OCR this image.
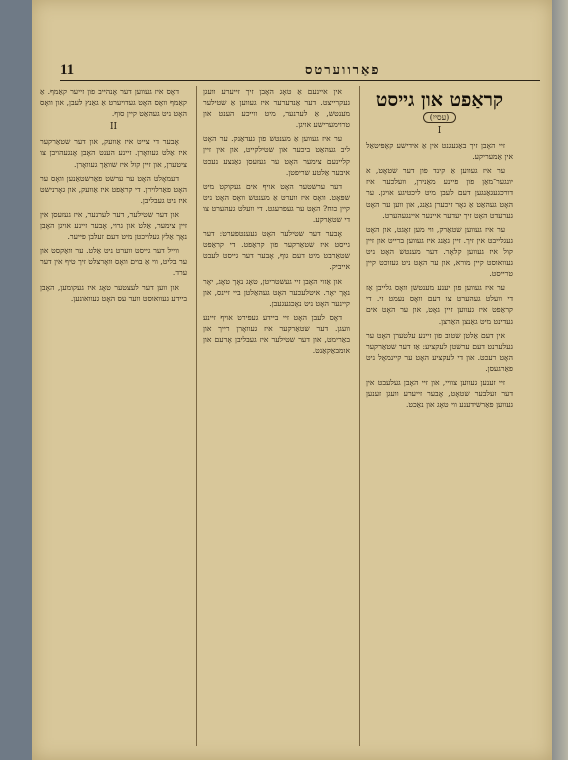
11	פאַרווערטס
קראַפט און גייסט
(עסייִ)
I

זיי האָבן זיך באַגעגנט אין אַ אידישע קאָפּיטאַל אין אַמעריקע.

ער איז געווען אַ קינד פון דער שטאָט, א יונגער־מאַן פון פיינע מאַנירן, וועלכער איז דורכגעגאַנגען דעם לעבן מיט ליכטיגע אויגן. ער האָט געהאַט אַ גאָר זיכערן גאַנג, און ווען ער האָט גערעדט האָט זיך יעדער איינער איינגעהערט.

ער איז געווען שטאַרק, ווי מען זאָגט, און האָט געגלייבט אין זיך. זיין גאַנג איז געווען ברייט און זיין קול איז געווען קלאָר. דער מענטש האָט ניט געוואוסט קיין מורא, און ער האָט ניט געזוכט קיין טרייסט.

ער איז געווען פון יענע מענטשן וואָס גלייבן אַז די וועלט געהערט צו דעם וואָס נעמט זי. די קראַפט איז געווען זיין גאָט, און ער האָט אים געדינט מיט גאַנצן האַרצן.

אין דעם אַלטן שטוב פון זיינע עלטערן האָט ער געלערנט דעם ערשטן לעקציע: אַז דער שטאַרקער האָט רעכט. און די לעקציע האָט ער קיינמאָל ניט פאַרגעסן.

זיי זענען געווען צוויי, און זיי האָבן געלעבט אין דער זעלבער שטאָט, אָבער זייערע וועגן זענען געווען פאַרשידענע ווי טאָג און נאַכט.

אין איינעם אַ טאָג האָבן זיך זייערע וועגן געקרייצט. דער אַנדערער איז געווען אַ שטילער מענטש, אַ לערנער, מיט ווייכע הענט און טרוימערישע אויגן.

ער איז געווען אַ מענטש פון געדאַנק. ער האָט ליב געהאַט ביכער און שטילקייט, און אין זיין קליינעם צימער האָט ער געזעסן גאַנצע נעכט איבער אַלטע שריפטן.

דער ערשטער האָט אויף אים געקוקט מיט שפּאָט. וואָס איז ווערט אַ מענטש וואָס האָט ניט קיין כוח? האָט ער געפרעגט. די וועלט געהערט צו די שטאַרקע.

אָבער דער שטילער האָט געענטפערט: דער גייסט איז שטאַרקער פון קראַפט. די קראַפט שטאַרבט מיט דעם גוף, אָבער דער גייסט לעבט אייביק.

און אַזוי האָבן זיי געשטריטן, טאָג נאָך טאָג, יאָר נאָך יאָר. איטלעכער האָט געהאַלטן ביי זיינס, און קיינער האָט ניט נאָכגעגעבן.

דאָס לעבן האָט זיי ביידע געפירט אויף זיינע וועגן. דער שטאַרקער איז געוואָרן רייך און באַרימט, און דער שטילער איז געבליבן אָרעם און אומבאַקאַנט.

דאָס איז געווען דער אָנהייב פון זייער קאַמף. אַ קאַמף וואָס האָט געדויערט אַ גאַנץ לעבן, און וואָס האָט ניט געהאַט קיין סוף.

II

אָבער די צייט איז אַוועק, און דער שטאַרקער איז אַלט געוואָרן. זיינע הענט האָבן אָנגעהויבן צו ציטערן, און זיין קול איז שוואַך געוואָרן.

דעמאָלט האָט ער ערשט פאַרשטאַנען וואָס ער האָט פאַרלוירן. די קראַפט איז אַוועק, און גאָרנישט איז ניט געבליבן.

און דער שטילער, דער לערנער, איז געזעסן אין זיין צימער, אַלט און גרוי, אָבער זיינע אויגן האָבן נאָך אַלץ געלויכטן מיט דעם זעלבן פייער.

ווייל דער גייסט ווערט ניט אַלט. ער וואַקסט און ער בליט, ווי אַ בוים וואָס וואָרצלט זיך טיף אין דער ערד.

און ווען דער לעצטער טאָג איז געקומען, האָבן ביידע געוואוסט ווער עס האָט געוואונען.
